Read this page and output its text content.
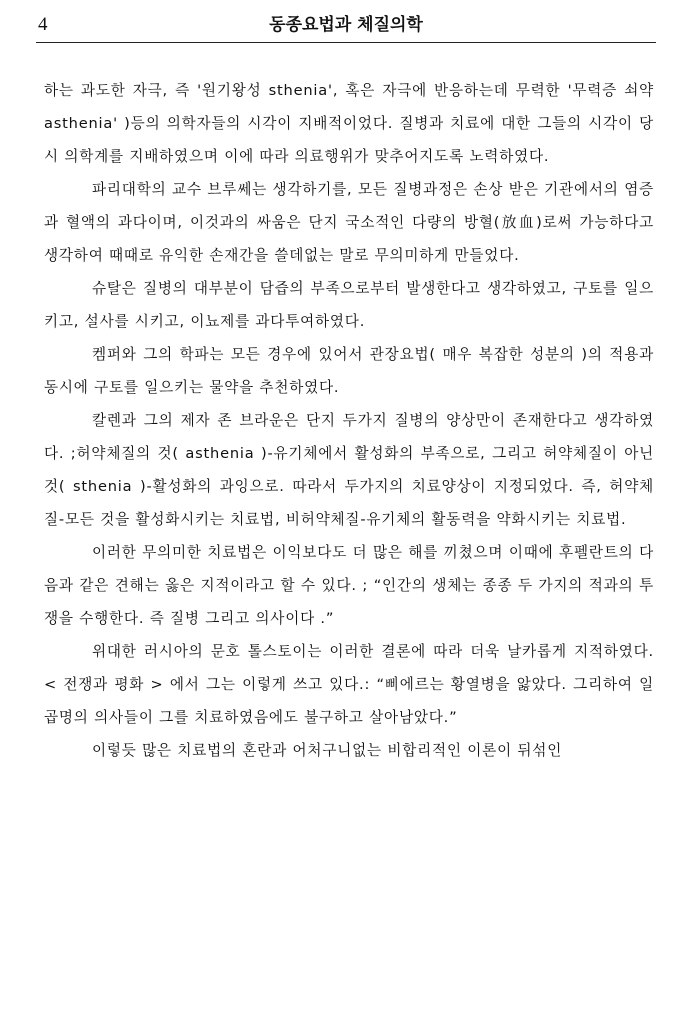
4	동종요법과 체질의학

하는 과도한 자극, 즉 '원기왕성 sthenia', 혹은 자극에 반응하는데 무력한 '무력증 쇠약 asthenia' )등의 의학자들의 시각이 지배적이었다. 질병과 치료에 대한 그들의 시각이 당시 의학계를 지배하였으며 이에 따라 의료행위가 맞추어지도록 노력하였다.

파리대학의 교수 브루쎄는 생각하기를, 모든 질병과정은 손상 받은 기관에서의 염증과 혈액의 과다이며, 이것과의 싸움은 단지 국소적인 다량의 방혈(放血)로써 가능하다고 생각하여 때때로 유익한 손재간을 쓸데없는 말로 무의미하게 만들었다.

슈탈은 질병의 대부분이 담즙의 부족으로부터 발생한다고 생각하였고, 구토를 일으키고, 설사를 시키고, 이뇨제를 과다투여하였다.

켐퍼와 그의 학파는 모든 경우에 있어서 관장요법( 매우 복잡한 성분의 )의 적용과 동시에 구토를 일으키는 물약을 추천하였다.

칼렌과 그의 제자 존 브라운은 단지 두가지 질병의 양상만이 존재한다고 생각하였다. ;허약체질의 것( asthenia )-유기체에서 활성화의 부족으로, 그리고 허약체질이 아닌 것( sthenia )-활성화의 과잉으로. 따라서 두가지의 치료양상이 지정되었다. 즉, 허약체질-모든 것을 활성화시키는 치료법, 비허약체질-유기체의 활동력을 약화시키는 치료법.

이러한 무의미한 치료법은 이익보다도 더 많은 해를 끼쳤으며 이때에 후펠란트의 다음과 같은 견해는 옳은 지적이라고 할 수 있다. ; “인간의 생체는 종종 두 가지의 적과의 투쟁을 수행한다. 즉 질병 그리고 의사이다 .”

위대한 러시아의 문호 톨스토이는 이러한 결론에 따라 더욱 날카롭게 지적하였다. < 전쟁과 평화 > 에서 그는 이렇게 쓰고 있다.: “삐에르는 황열병을 앓았다. 그리하여 일곱명의 의사들이 그를 치료하였음에도 불구하고 살아남았다.”

이렇듯 많은 치료법의 혼란과 어처구니없는 비합리적인 이론이 뒤섞인
